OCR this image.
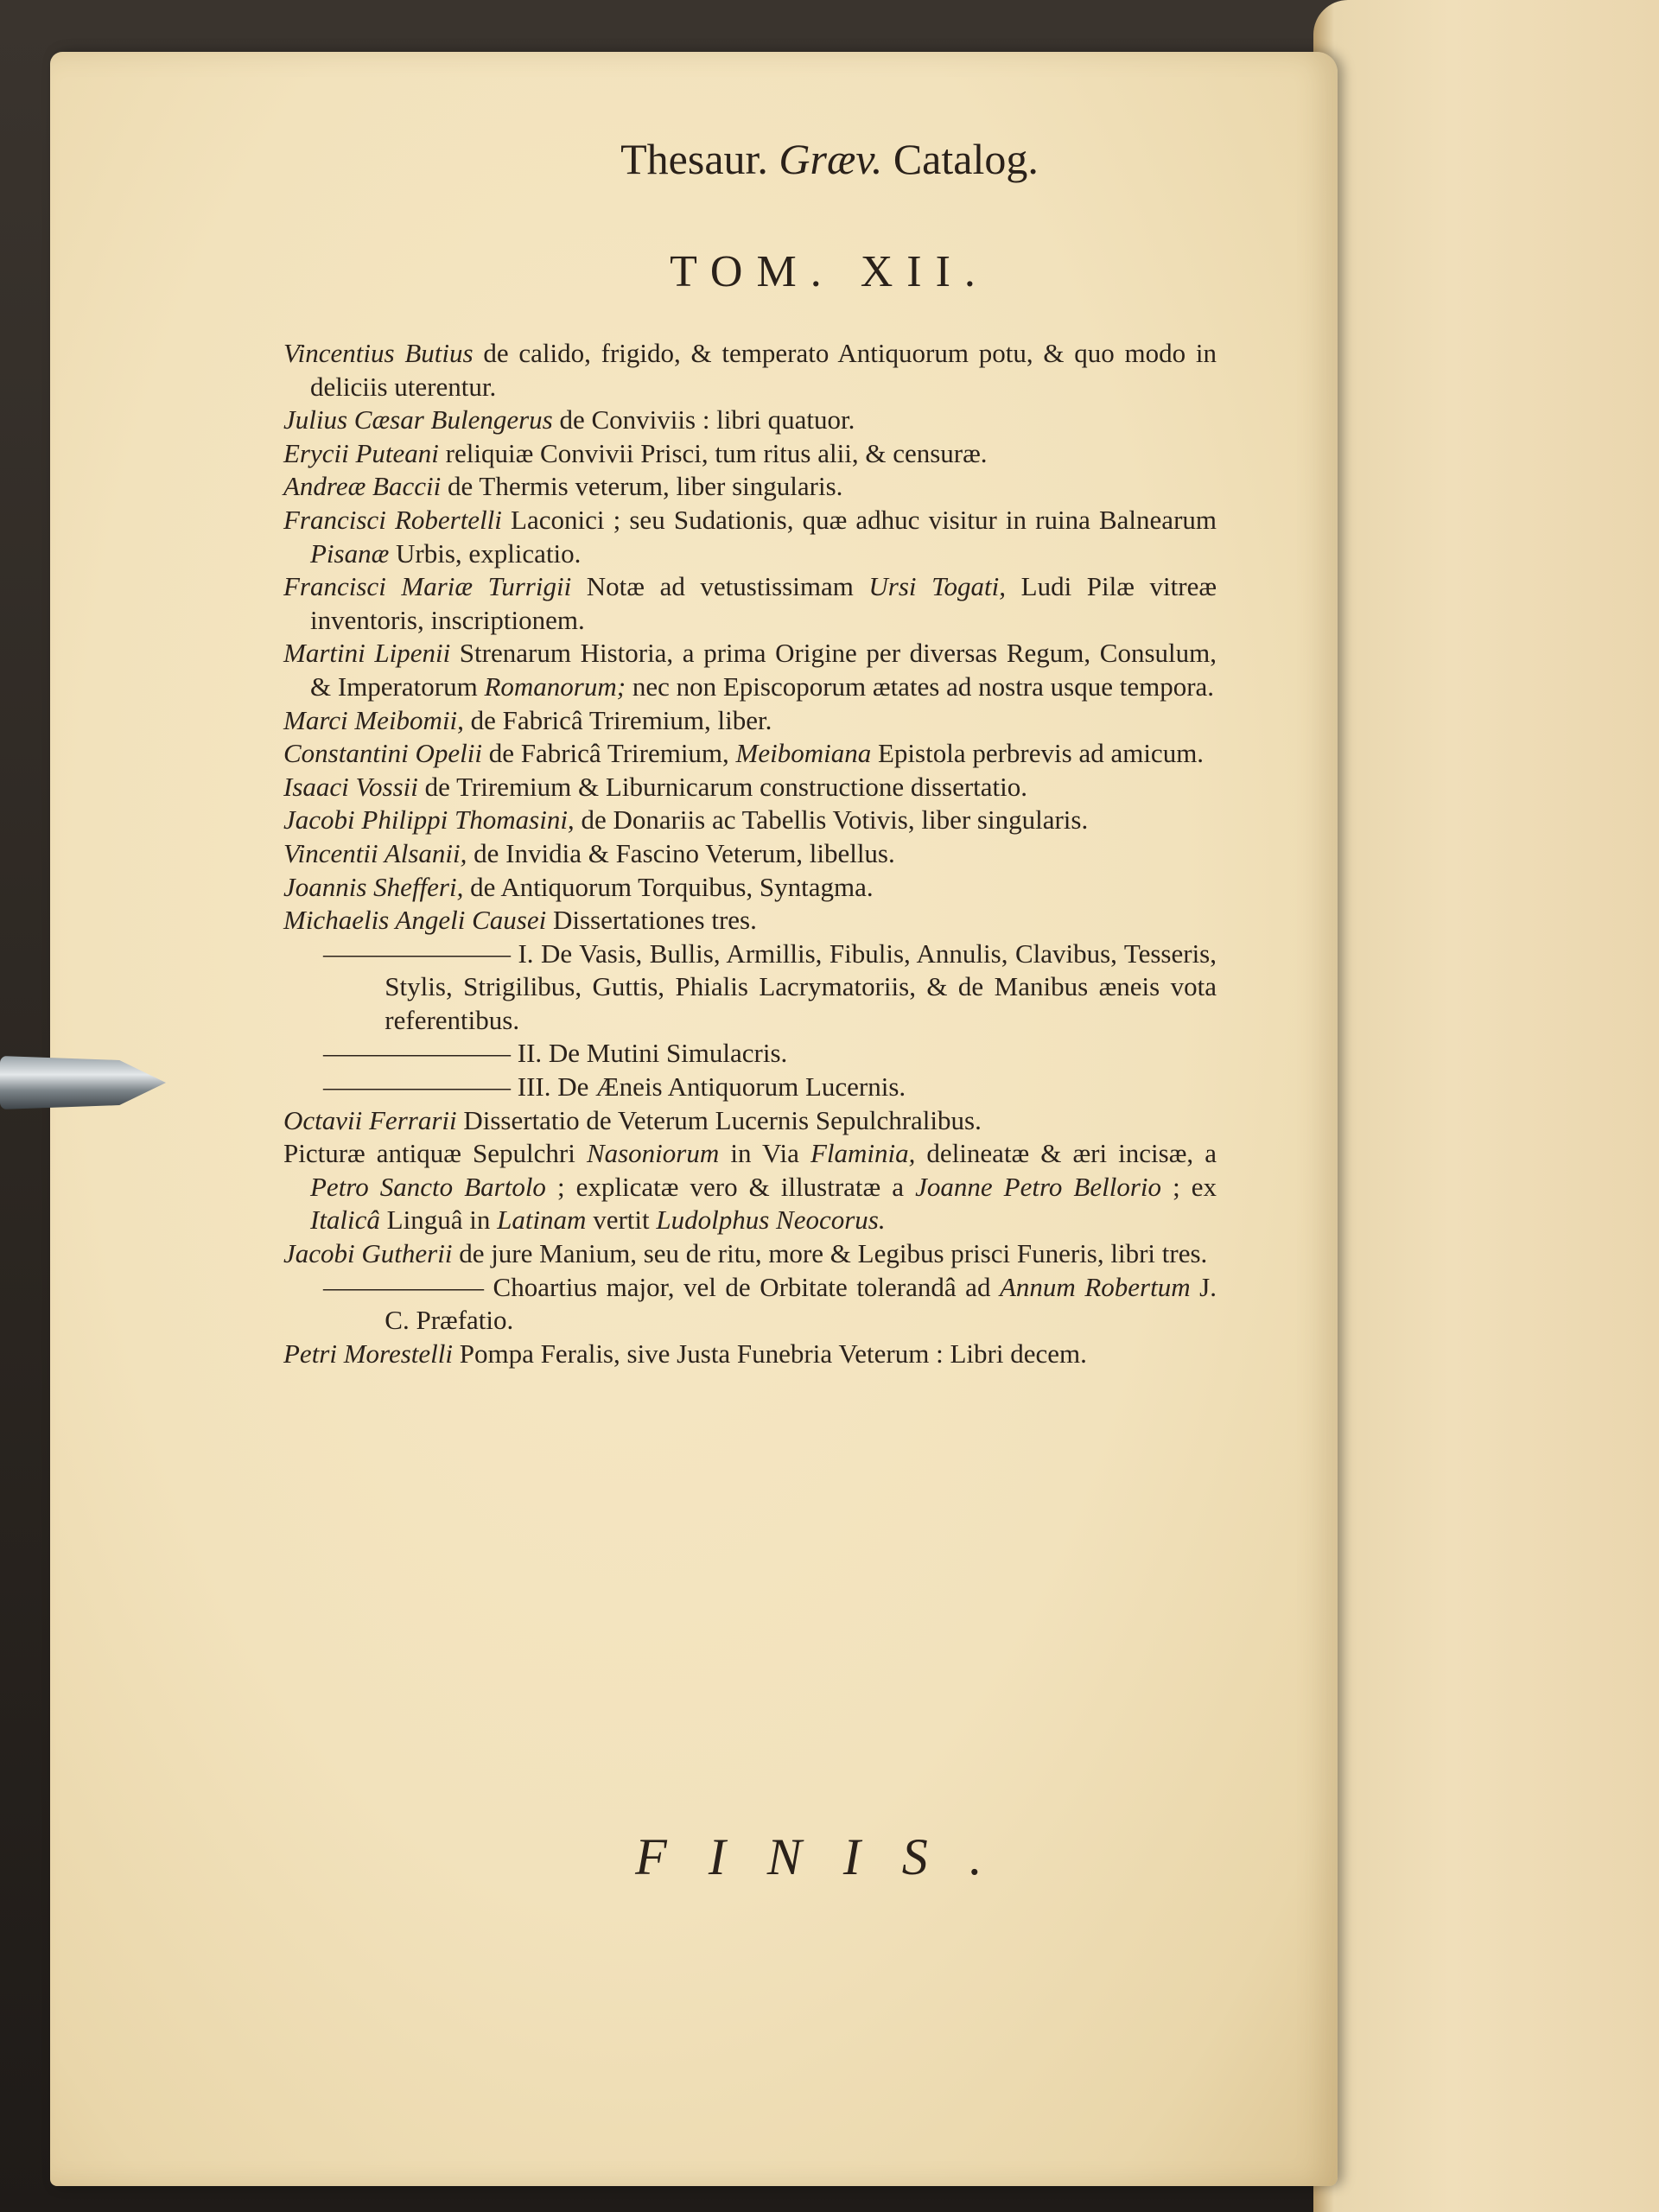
Thesaur. Græv. Catalog.
TOM. XII.
Vincentius Butius de calido, frigido, & temperato Antiquorum potu, & quo modo in deliciis uterentur.
Julius Cæsar Bulengerus de Conviviis : libri quatuor.
Erycii Puteani reliquiæ Convivii Prisci, tum ritus alii, & censuræ.
Andreæ Baccii de Thermis veterum, liber singularis.
Francisci Robertelli Laconici ; seu Sudationis, quæ adhuc visitur in ruina Balnearum Pisanæ Urbis, explicatio.
Francisci Mariæ Turrigii Notæ ad vetustissimam Ursi Togati, Ludi Pilæ vitreæ inventoris, inscriptionem.
Martini Lipenii Strenarum Historia, a prima Origine per diversas Regum, Consulum, & Imperatorum Romanorum; nec non Episcoporum ætates ad nostra usque tempora.
Marci Meibomii, de Fabricâ Triremium, liber.
Constantini Opelii de Fabricâ Triremium, Meibomiana Epistola perbrevis ad amicum.
Isaaci Vossii de Triremium & Liburnicarum constructione dissertatio.
Jacobi Philippi Thomasini, de Donariis ac Tabellis Votivis, liber singularis.
Vincentii Alsanii, de Invidia & Fascino Veterum, libellus.
Joannis Shefferi, de Antiquorum Torquibus, Syntagma.
Michaelis Angeli Causei Dissertationes tres.
——————— I. De Vasis, Bullis, Armillis, Fibulis, Annulis, Clavibus, Tesseris, Stylis, Strigilibus, Guttis, Phialis Lacrymatoriis, & de Manibus æneis vota referentibus.
——————— II. De Mutini Simulacris.
——————— III. De Æneis Antiquorum Lucernis.
Octavii Ferrarii Dissertatio de Veterum Lucernis Sepulchralibus.
Picturæ antiquæ Sepulchri Nasoniorum in Via Flaminia, delineatæ & æri incisæ, a Petro Sancto Bartolo ; explicatæ vero & illustratæ a Joanne Petro Bellorio ; ex Italicâ Linguâ in Latinam vertit Ludolphus Neocorus.
Jacobi Gutherii de jure Manium, seu de ritu, more & Legibus prisci Funeris, libri tres.
—————— Choartius major, vel de Orbitate tolerandâ ad Annum Robertum J. C. Præfatio.
Petri Morestelli Pompa Feralis, sive Justa Funebria Veterum : Libri decem.

FINIS.
